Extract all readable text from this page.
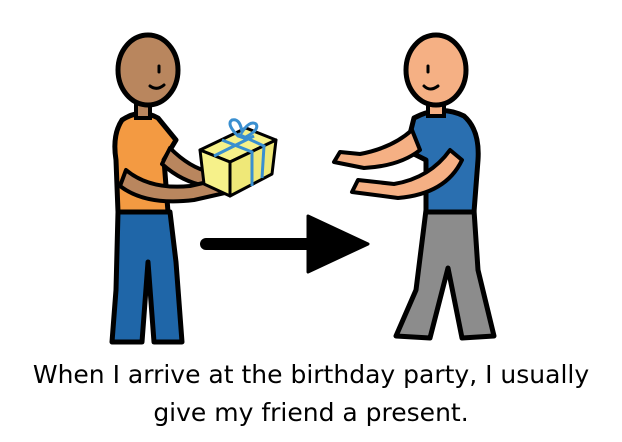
When I arrive at the birthday party, I usually
give my friend a present.
